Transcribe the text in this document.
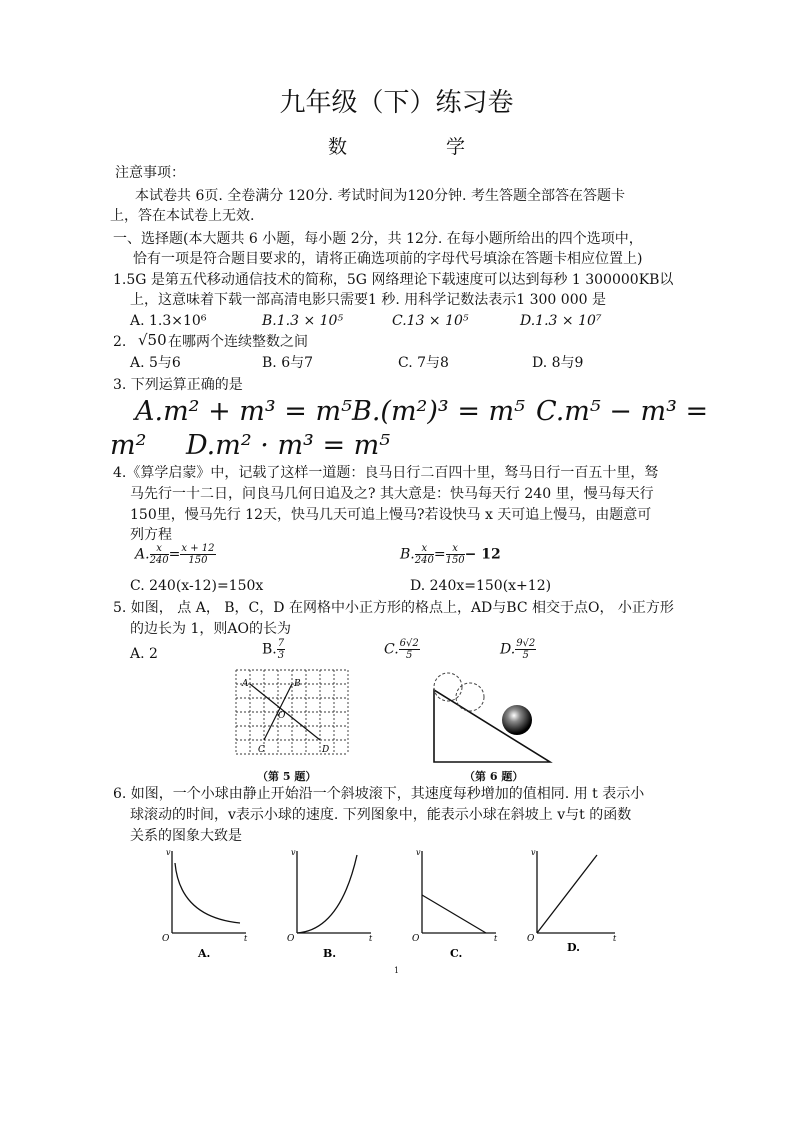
九年级（下）练习卷
数　学
注意事项：
本试卷共 6页. 全卷满分 120分. 考试时间为120分钟. 考生答题全部答在答题卡
上，答在本试卷上无效.
一、选择题(本大题共 6 小题，每小题 2分，共 12分. 在每小题所给出的四个选项中，
恰有一项是符合题目要求的，请将正确选项前的字母代号填涂在答题卡相应位置上)
1.5G 是第五代移动通信技术的简称，5G 网络理论下载速度可以达到每秒 1 300000KB以
上，这意味着下载一部高清电影只需要1 秒. 用科学记数法表示1 300 000 是
A. 1.3×10⁶	B.1.3 × 10⁵	C.13 × 10⁵	D.1.3 × 10⁷
2. √50 在哪两个连续整数之间
A. 5与6	B. 6与7	C. 7与8	D. 8与9
3. 下列运算正确的是
A.m² + m³ = m⁵ B.(m²)³ = m⁵ C.m⁵ − m³ =
m² D.m² · m³ = m⁵
4.《算学启蒙》中，记载了这样一道题：良马日行二百四十里，驽马日行一百五十里，驽
马先行一十二日，问良马几何日追及之? 其大意是：快马每天行 240 里，慢马每天行
150里，慢马先行 12天，快马几天可追上慢马?若设快马 x 天可追上慢马，由题意可
列方程
A. $\frac{x}{240} = \frac{x + 12}{150}$	B. $\frac{x}{240} = \frac{x}{150} - 12$
C. 240(x-12)=150x	D. 240x=150(x+12)
5. 如图， 点 A， B，C，D 在网格中小正方形的格点上，AD与BC 相交于点O， 小正方形
的边长为 1，则AO的长为
A. 2	B. $\frac{7}{3}$	C. $\frac{6√2}{5}$	D. $\frac{9√2}{5}$
A	B
C	D
O
（第 5 题）	（第 6 题）
6. 如图，一个小球由静止开始沿一个斜坡滚下，其速度每秒增加的值相同. 用 t 表示小
球滚动的时间，v表示小球的速度. 下列图象中，能表示小球在斜坡上 v与t 的函数
关系的图象大致是
v
O	t
A.
v
O	t
B.
v
O	t
C.
v
O	t
D.
1
